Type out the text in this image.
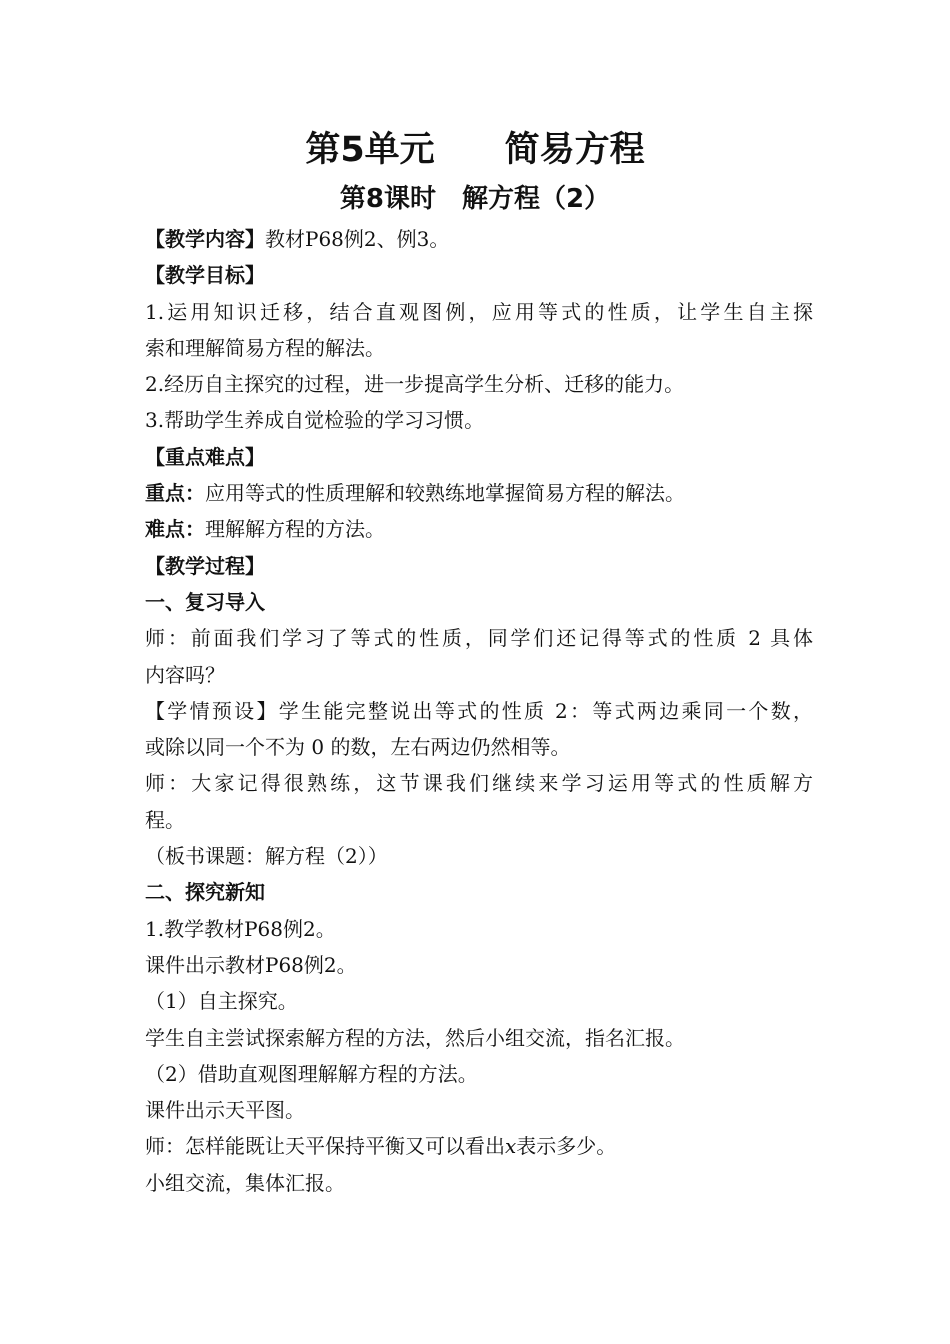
第5单元　　简易方程
第8课时　解方程（2）
【教学内容】教材P68例2、例3。
【教学目标】
1.运用知识迁移，结合直观图例，应用等式的性质，让学生自主探
索和理解简易方程的解法。
2.经历自主探究的过程，进一步提高学生分析、迁移的能力。
3.帮助学生养成自觉检验的学习习惯。
【重点难点】
重点：应用等式的性质理解和较熟练地掌握简易方程的解法。
难点：理解解方程的方法。
【教学过程】
一、复习导入
师：前面我们学习了等式的性质，同学们还记得等式的性质 2 具体
内容吗？
【学情预设】学生能完整说出等式的性质 2：等式两边乘同一个数，
或除以同一个不为 0 的数，左右两边仍然相等。
师：大家记得很熟练，这节课我们继续来学习运用等式的性质解方
程。
（板书课题：解方程（2））
二、探究新知
1.教学教材P68例2。
课件出示教材P68例2。
（1）自主探究。
学生自主尝试探索解方程的方法，然后小组交流，指名汇报。
（2）借助直观图理解解方程的方法。
课件出示天平图。
师：怎样能既让天平保持平衡又可以看出x表示多少。
小组交流，集体汇报。
